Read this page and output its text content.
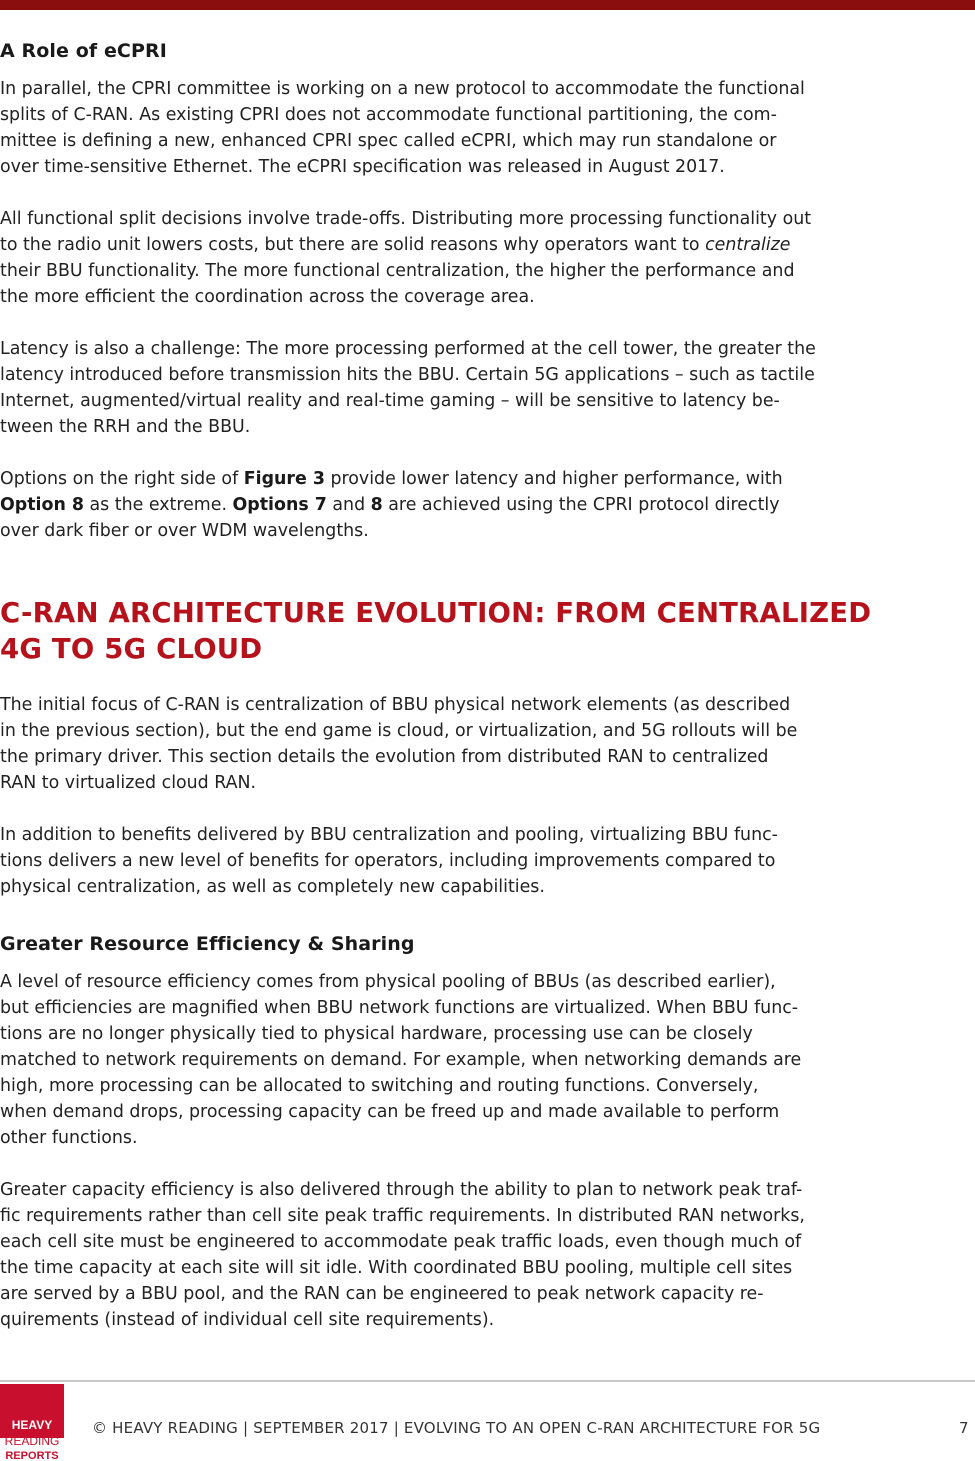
A Role of eCPRI

In parallel, the CPRI committee is working on a new protocol to accommodate the functional
splits of C-RAN. As existing CPRI does not accommodate functional partitioning, the com-
mittee is defining a new, enhanced CPRI spec called eCPRI, which may run standalone or
over time-sensitive Ethernet. The eCPRI specification was released in August 2017.

All functional split decisions involve trade-offs. Distributing more processing functionality out
to the radio unit lowers costs, but there are solid reasons why operators want to centralize
their BBU functionality. The more functional centralization, the higher the performance and
the more efficient the coordination across the coverage area.

Latency is also a challenge: The more processing performed at the cell tower, the greater the
latency introduced before transmission hits the BBU. Certain 5G applications – such as tactile
Internet, augmented/virtual reality and real-time gaming – will be sensitive to latency be-
tween the RRH and the BBU.

Options on the right side of Figure 3 provide lower latency and higher performance, with
Option 8 as the extreme. Options 7 and 8 are achieved using the CPRI protocol directly
over dark fiber or over WDM wavelengths.

C-RAN ARCHITECTURE EVOLUTION: FROM CENTRALIZED
4G TO 5G CLOUD

The initial focus of C-RAN is centralization of BBU physical network elements (as described
in the previous section), but the end game is cloud, or virtualization, and 5G rollouts will be
the primary driver. This section details the evolution from distributed RAN to centralized
RAN to virtualized cloud RAN.

In addition to benefits delivered by BBU centralization and pooling, virtualizing BBU func-
tions delivers a new level of benefits for operators, including improvements compared to
physical centralization, as well as completely new capabilities.

Greater Resource Efficiency & Sharing

A level of resource efficiency comes from physical pooling of BBUs (as described earlier),
but efficiencies are magnified when BBU network functions are virtualized. When BBU func-
tions are no longer physically tied to physical hardware, processing use can be closely
matched to network requirements on demand. For example, when networking demands are
high, more processing can be allocated to switching and routing functions. Conversely,
when demand drops, processing capacity can be freed up and made available to perform
other functions.

Greater capacity efficiency is also delivered through the ability to plan to network peak traf-
fic requirements rather than cell site peak traffic requirements. In distributed RAN networks,
each cell site must be engineered to accommodate peak traffic loads, even though much of
the time capacity at each site will sit idle. With coordinated BBU pooling, multiple cell sites
are served by a BBU pool, and the RAN can be engineered to peak network capacity re-
quirements (instead of individual cell site requirements).

HEAVY
READING
REPORTS
© HEAVY READING | SEPTEMBER 2017 | EVOLVING TO AN OPEN C-RAN ARCHITECTURE FOR 5G	7
